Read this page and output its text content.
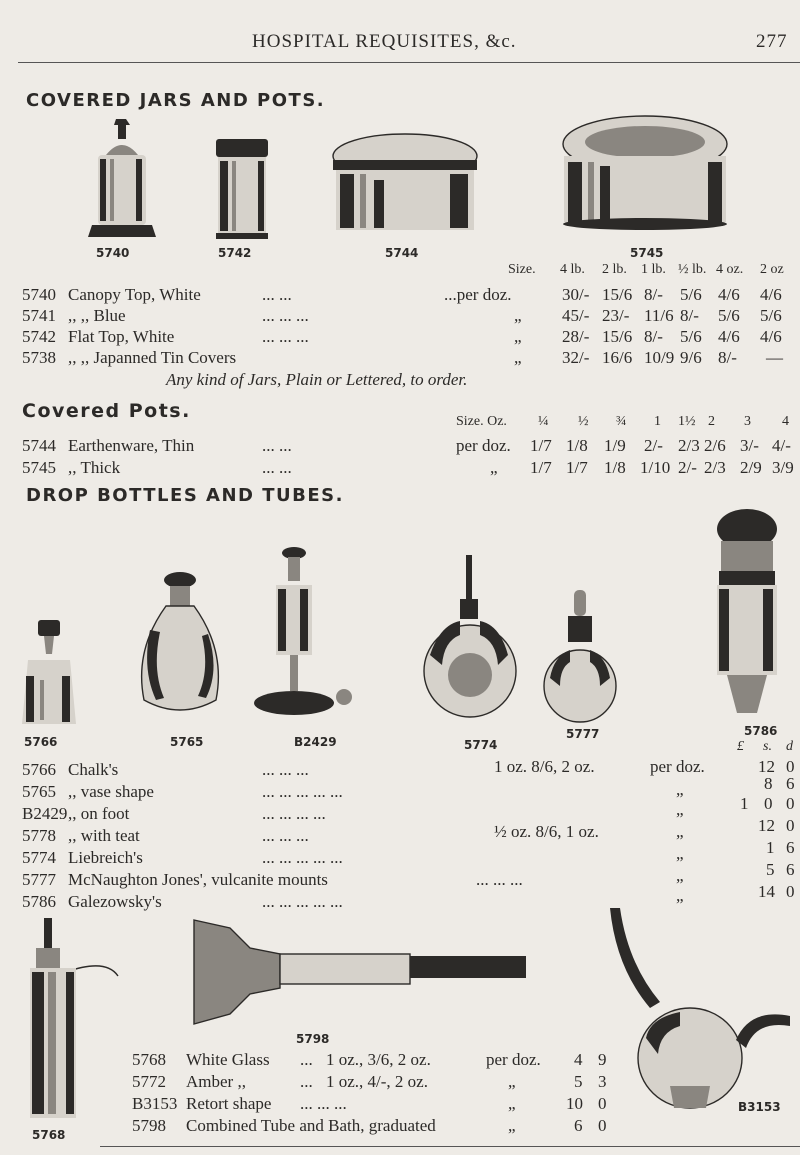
HOSPITAL REQUISITES, &c.	277
COVERED JARS AND POTS.
5740	5742	5744	5745
Size. 4 lb. 2 lb. 1 lb. ½ lb. 4 oz. 2 oz
5740 Canopy Top, White	... ...	...per doz.	30/- 15/6 8/- 5/6 4/6 4/6
5741 ,, ,, Blue	... ... ...	„ 45/- 23/- 11/6 8/- 5/6 5/6
5742 Flat Top, White	... ... ...	„ 28/- 15/6 8/- 5/6 4/6 4/6
5738 ,, ,, Japanned Tin Covers	„ 32/- 16/6 10/9 9/6 8/- —
Any kind of Jars, Plain or Lettered, to order.
Covered Pots.	Size. Oz. ¼ ½ ¾ 1 1½ 2 3 4
5744 Earthenware, Thin	... ...	per doz. 1/7 1/8 1/9 2/- 2/3 2/6 3/- 4/-
5745 ,, Thick	... ...	„ 1/7 1/7 1/8 1/10 2/- 2/3 2/9 3/9
DROP BOTTLES AND TUBES.
5766	5765	B2429	5774
5777	5786
£ s. d
5766 Chalk's	... ... ...	1 oz. 8/6, 2 oz.	per doz.	12 0
5765 ,, vase shape	... ... ... ... ...	„	8 6
B2429 ,, on foot	... ... ... ...	„	1 0 0
5778 ,, with teat	... ... ...	½ oz. 8/6, 1 oz.	„	12 0
5774 Liebreich's	... ... ... ... ...	„	1 6
5777 McNaughton Jones', vulcanite mounts	... ... ...	„	5 6
5786 Galezowsky's	... ... ... ... ...	„	14 0
5768
5798
B3153
5768 White Glass ... 1 oz., 3/6, 2 oz.	per doz. 4 9
5772 Amber ,,	... 1 oz., 4/-, 2 oz.	„	5 3
B3153 Retort shape ... ... ...	„	10 0
5798 Combined Tube and Bath, graduated	„	6 0
